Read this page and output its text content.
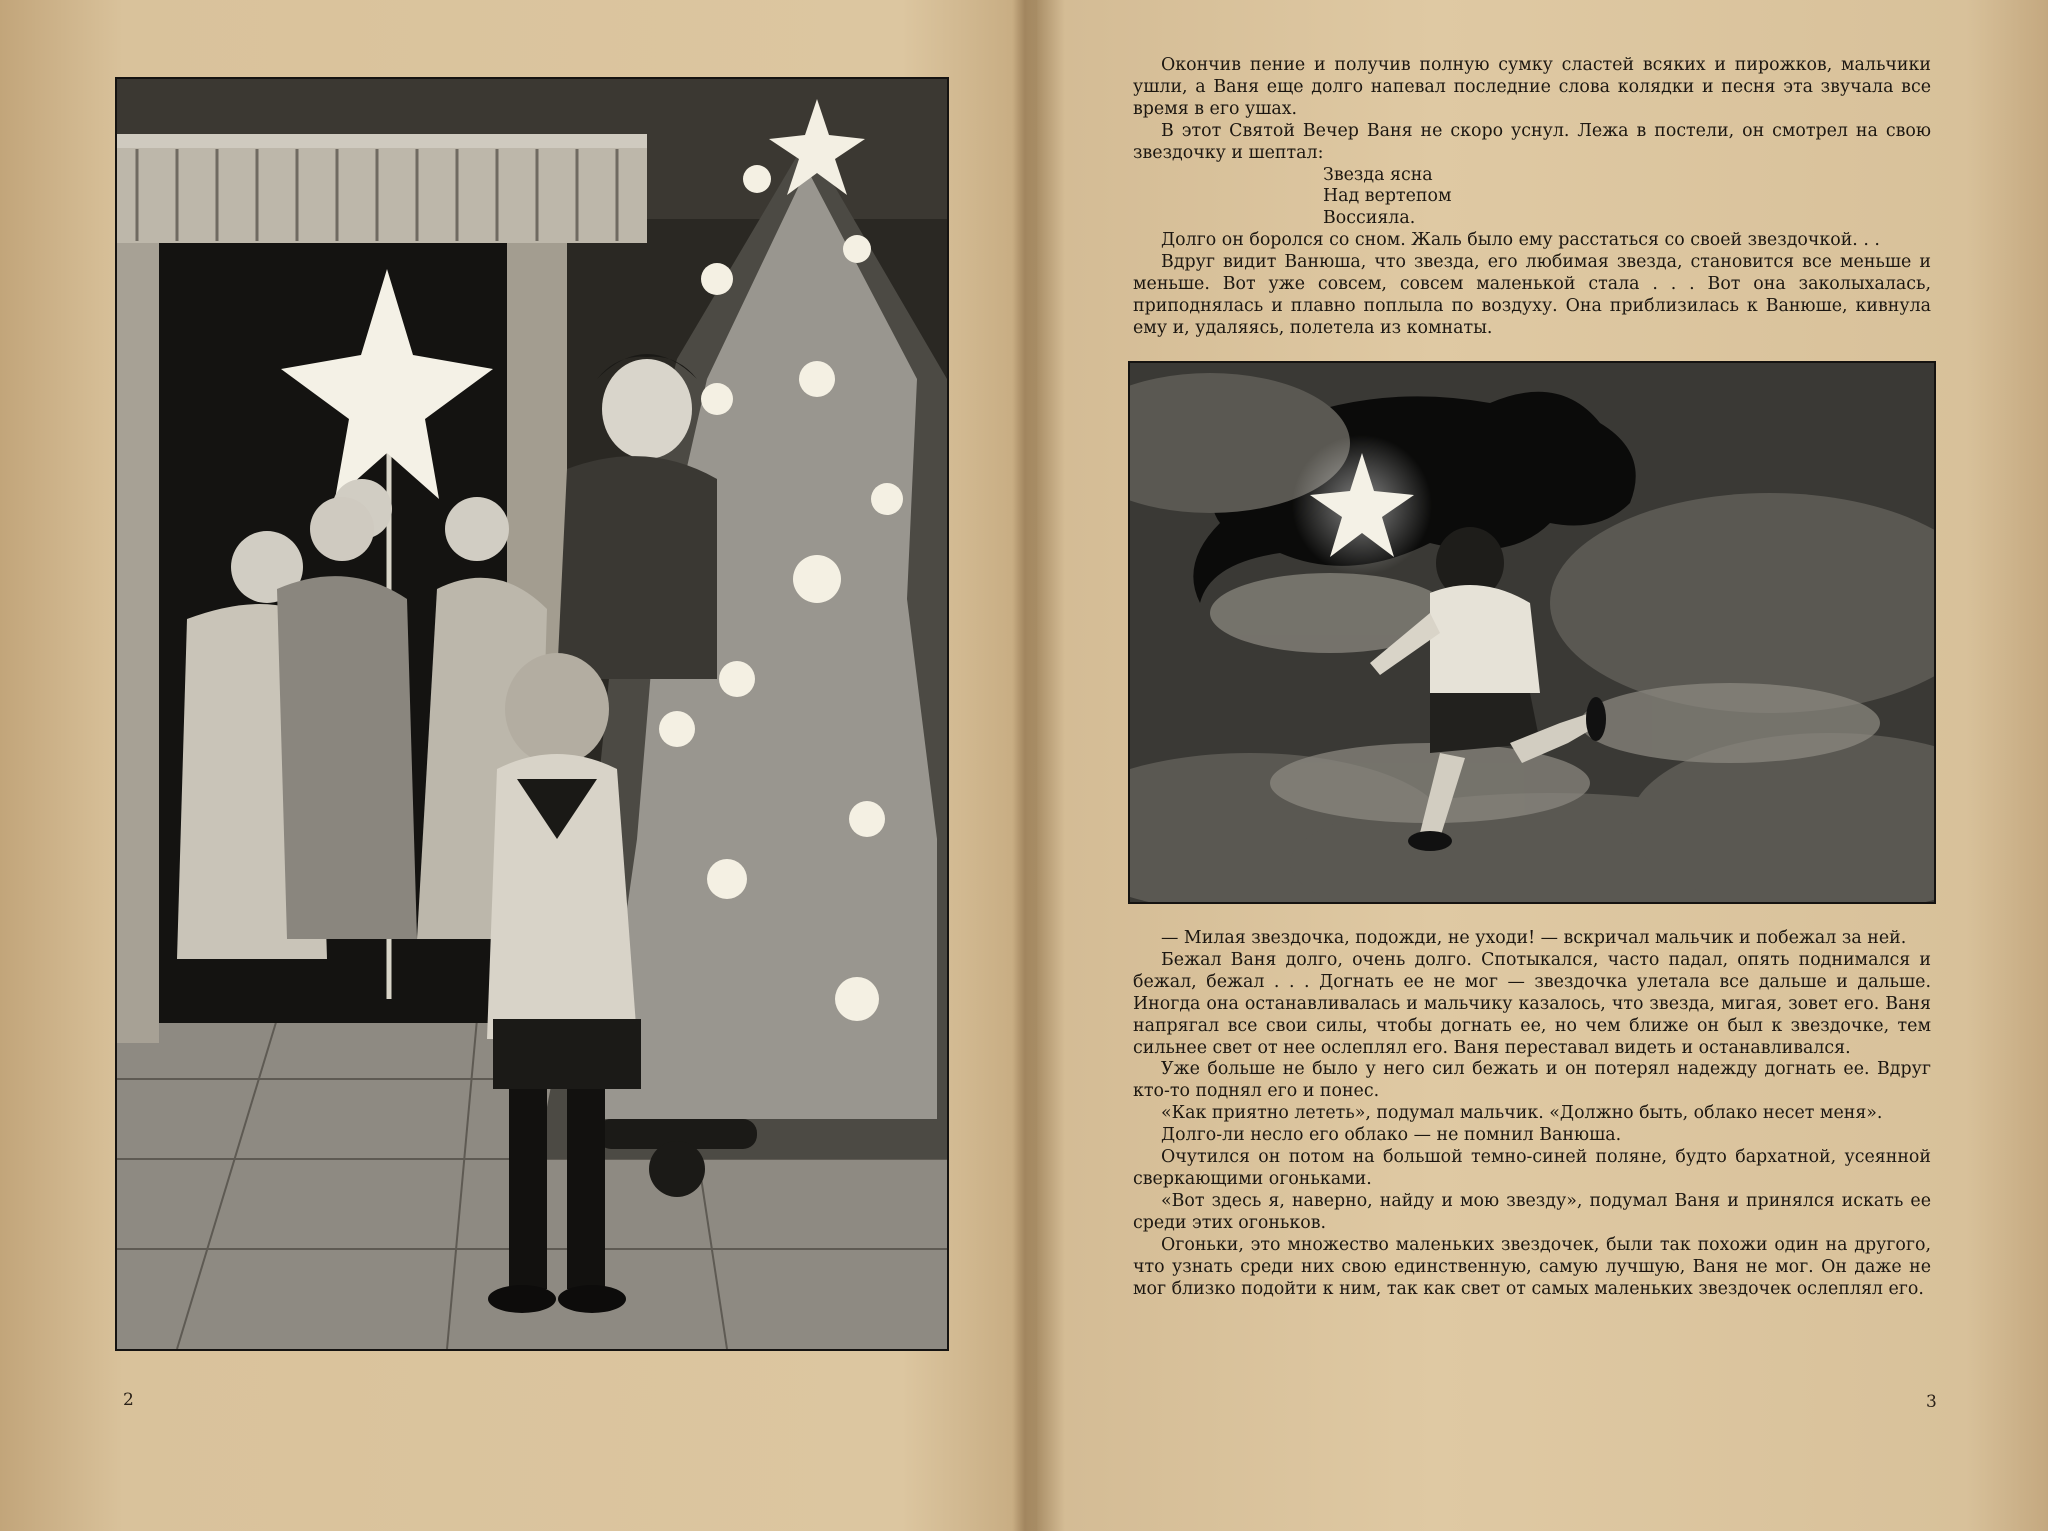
2

Окончив пение и получив полную сумку сластей всяких и пирожков, мальчики ушли, а Ваня еще долго напевал последние слова колядки и песня эта звучала все время в его ушах.

В этот Святой Вечер Ваня не скоро уснул. Лежа в постели, он смотрел на свою звездочку и шептал:

Звезда ясна
Над вертепом
Воссияла.

Долго он боролся со сном. Жаль было ему расстаться со своей звездочкой. . .

Вдруг видит Ванюша, что звезда, его любимая звезда, становится все меньше и меньше. Вот уже совсем, совсем маленькой стала . . . Вот она заколыхалась, приподнялась и плавно поплыла по воздуху. Она приблизилась к Ванюше, кивнула ему и, удаляясь, полетела из комнаты.

— Милая звездочка, подожди, не уходи! — вскричал мальчик и побежал за ней.

Бежал Ваня долго, очень долго. Спотыкался, часто падал, опять поднимался и бежал, бежал . . . Догнать ее не мог — звездочка улетала все дальше и дальше. Иногда она останавливалась и мальчику казалось, что звезда, мигая, зовет его. Ваня напрягал все свои силы, чтобы догнать ее, но чем ближе он был к звездочке, тем сильнее свет от нее ослеплял его. Ваня переставал видеть и останавливался.

Уже больше не было у него сил бежать и он потерял надежду догнать ее. Вдруг кто-то поднял его и понес.

«Как приятно лететь», подумал мальчик. «Должно быть, облако несет меня».

Долго-ли несло его облако — не помнил Ванюша.

Очутился он потом на большой темно-синей поляне, будто бархатной, усеянной сверкающими огоньками.

«Вот здесь я, наверно, найду и мою звезду», подумал Ваня и принялся искать ее среди этих огоньков.

Огоньки, это множество маленьких звездочек, были так похожи один на другого, что узнать среди них свою единственную, самую лучшую, Ваня не мог. Он даже не мог близко подойти к ним, так как свет от самых маленьких звездочек ослеплял его.

3
